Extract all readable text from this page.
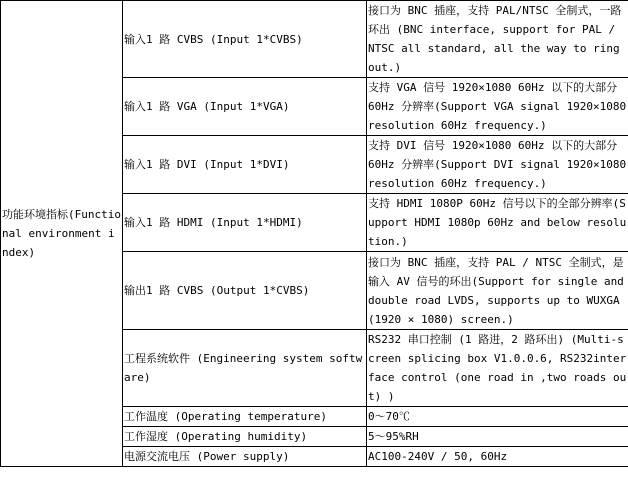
功能环境指标(Functional environment index)	输入1 路 CVBS (Input 1*CVBS)	接口为 BNC 插座，支持 PAL/NTSC 全制式，一路环出 (BNC interface, support for PAL / NTSC all standard, all the way to ring out.)
	输入1 路 VGA (Input 1*VGA)	支持 VGA 信号 1920×1080 60Hz 以下的大部分 60Hz 分辨率(Support VGA signal 1920×1080 resolution 60Hz frequency.)
	输入1 路 DVI (Input 1*DVI)	支持 DVI 信号 1920×1080 60Hz 以下的大部分 60Hz 分辨率(Support DVI signal 1920×1080 resolution 60Hz frequency.)
	输入1 路 HDMI (Input 1*HDMI)	支持 HDMI 1080P 60Hz 信号以下的全部分辨率(Support HDMI 1080p 60Hz and below resolution.)
	输出1 路 CVBS (Output 1*CVBS)	接口为 BNC 插座，支持 PAL / NTSC 全制式，是输入 AV 信号的环出(Support for single and double road LVDS, supports up to WUXGA (1920 × 1080) screen.)
	工程系统软件 (Engineering system software)	RS232 串口控制 (1 路进，2 路环出) (Multi-screen splicing box V1.0.0.6, RS232interface control (one road in ,two roads out) )
	工作温度 (Operating temperature)	0～70℃
	工作湿度 (Operating humidity)	5～95%RH
	电源交流电压 (Power supply)	AC100-240V / 50, 60Hz
